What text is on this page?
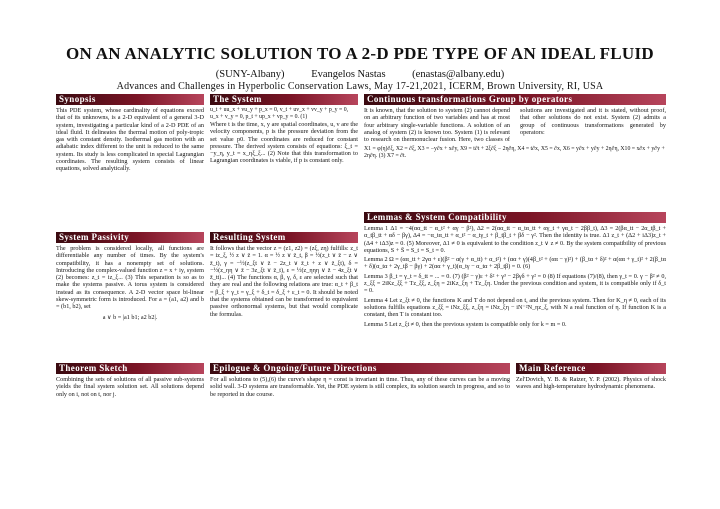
ON AN ANALYTIC SOLUTION TO A 2-D PDE TYPE OF AN IDEAL FLUID
(SUNY-Albany)	Evangelos Nastas	(enastas@albany.edu)
Advances and Challenges in Hyperbolic Conservation Laws, May 17-21,2021, ICERM, Brown University, RI, USA
Synopsis
This PDE system, whose cardinality of equations exceed that of its unknowns, is a 2-D equivalent of a general 3-D system, investigating a particular kind of a 2-D PDE of an ideal fluid. It delineates the thermal motion of poly-tropic gas with constant density. Isothermal gas motion with an adiabatic index different to the unit is reduced to the same system. Its study is less complicated in special Lagrangian coordinates. The resulting system consists of linear equations, solved analytically.
System Passivity
The problem is considered locally, all functions are differentiable any number of times. By the system's compatibility, it has a nonempty set of solutions. Introducing the complex-valued function z = x + iy, system (2) becomes: z_t = iz_ξ... (3) This separation is so as to make the systems passive. A torus system is considered instead as its consequence. A 2-D vector space bi-linear skew-symmetric form is introduced. For a = (a1, a2) and b = (b1, b2), set
a ∨ b = |a1 b1; a2 b2|.
Theorem Sketch
Combining the sets of solutions of all passive sub-systems yields the final system solution set. All solutions depend only on i, not on t, nor j.
The System
u_t + uu_x + vu_y + p_x = 0, v_t + uv_x + vv_y + p_y = 0, u_x + v_y = 0, p_t + up_x + vp_y = 0. (1)
Where t is the time, x, y are spatial coordinates, u, v are the velocity components, p is the pressure deviation from the set value p0. The coordinates are reduced for constant pressure. The derived system consists of equations: ξ_t = −y_η, y_t = x_ηξ_ξ... (2) Note that this transformation to Lagrangian coordinates is viable, if p is constant only.
Resulting System
It follows that the vector z = (z1, z2) = (zξ, zη) fulfills: z_t = iz_ξ, ½ z ∨ z̄ = 1. α = ½ z ∨ z̄_t, β = ½(z_t ∨ z̄ − z ∨ z̄_t), γ = −½(z_ξt ∨ z̄ − 2z_t ∨ z̄_t + z ∨ z̄_ξt), δ = −½(z_ηη ∨ z̄ − 3z_ξt ∨ z̄_t), ε = ½(z_ηηη ∨ z̄ − 4z_ξt ∨ z̄_tt)... (4) The functions α, β, γ, δ, ε are selected such that they are real and the following relations are true: α_t + β_t = β_ξ + γ_t = γ_ξ + δ_t = δ_ξ + ε_t = 0. It should be noted that the systems obtained can be transformed to equivalent passive orthonormal systems, but that would complicate the formulas.
Continuous transformations Group by operators
It is known, that the solution to system (2) cannot depend on an arbitrary function of two variables and has at most four arbitrary single-variable functions. A solution of an analog of system (2) is known too. System (1) is relevant to research on thermonuclear fusion. Here, two classes of solutions are investigated and it is stated, without proof, that other solutions do not exist. System (2) admits a group of continuous transformations generated by operators:
X1 = φ(η)∂ξ, X2 = ∂ξ, X3 = −y∂x + x∂y, X9 = t∂t + 2ξ∂ξ − 2η∂η, X4 = t∂x, X5 = ∂x, X6 = y∂x + y∂y + 2η∂η, X10 = x∂x + y∂y + 2η∂η. (3) X7 = ∂t.
Lemmas & System Compatibility
Lemma 1 Δ1 = −4(αα_tt − α_t² + αγ − β²), Δ2 = 2(αα_tt − α_tα_tt + αγ_t + γα_t − 2ββ_t), Δ3 = 2(βα_tt − 2α_tβ_t + α_tβ_tt + αδ − βγ), Δ4 = −α_tα_tt + α_t² − α_tγ_t + β_tβ_t + βδ − γ². Then the identity is true. Δ1 z_t + (Δ2 + iΔ3)z_t + (Δ4 + iΔ3)z = 0. (5) Moreover, Δ1 ≠ 0 is equivalent to the condition z_t ∨ z ≠ 0. By the system compatibility of previous equations, S + S̄ = S_t = S_t = 0.
Lemma 2 Ω = (αα_tt + 2γα + ε)(β² − α(γ + α_tt) + α_t²) + (αα + γ)(4β_t² + (αα − γ)²) + (β_tα + δ)² + α(αα + γ_t)² + 2(β_tα + δ)(α_tα + 2γ_tβ − βγ) + 2(αα + γ_t)(α_tγ − α_tα + 2β_tβ) = 0. (6)
Lemma 3 β_t = γ_t = δ_tt = ... = 0. (7) (β² − γ)ε + δ² + γ³ − 2βγδ + γ² = 0 (8) If equations (7)/(8), then γ_t = 0. γ − β² ≠ 0, z_ξξ = 2iKz_ξξ + Tz_ξξ, z_ξη = 2iKz_ξη + Tz_ξη. Under the previous condition and system, it is compatible only if δ_t = 0.
Lemma 4 Let z_ξt ≠ 0, the functions K and T do not depend on t, and the previous system. Then for K_η ≠ 0, each of its solutions fulfills equations z_ξξ = iNz_ξξ, z_ξη = iNz_ξη − iN⁻²N_ηz_ξ, with N a real function of η. If function K is a constant, then T is constant too.
Lemma 5 Let z_ξt ≠ 0, then the previous system is compatible only for k = m = 0.
Epilogue & Ongoing/Future Directions
For all solutions to (5),(6) the curve's shape η = const is invariant in time. Thus, any of these curves can be a moving solid wall. 3-D systems are transformable. Yet, the PDE system is still complex, its solution search in progress, and so to be reported in due course.
Main Reference
Zel'Dovich, Y. B. & Raizer, Y. P. (2002). Physics of shock waves and high-temperature hydrodynamic phenomena.
